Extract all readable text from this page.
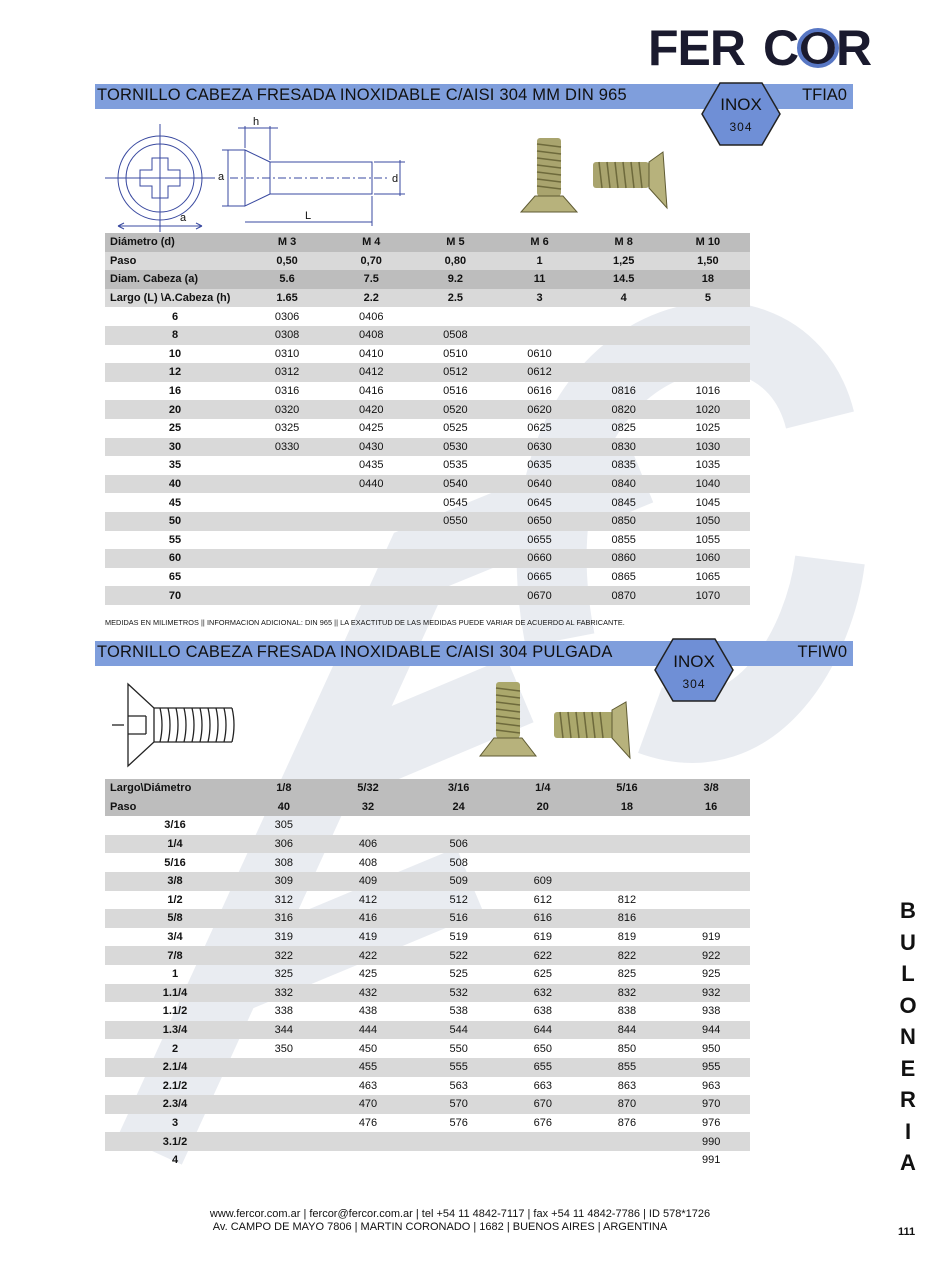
FER COR
TORNILLO CABEZA FRESADA INOXIDABLE C/AISI 304 MM DIN 965	TFIA0
INOX
304
h
a	d
a	L
Diámetro (d)	M 3	M 4	M 5	M 6	M 8	M 10
Paso	0,50	0,70	0,80	1	1,25	1,50
Diam. Cabeza (a)	5.6	7.5	9.2	11	14.5	18
Largo (L) \A.Cabeza (h)	1.65	2.2	2.5	3	4	5
6	0306	0406				
8	0308	0408	0508			
10	0310	0410	0510	0610		
12	0312	0412	0512	0612		
16	0316	0416	0516	0616	0816	1016
20	0320	0420	0520	0620	0820	1020
25	0325	0425	0525	0625	0825	1025
30	0330	0430	0530	0630	0830	1030
35		0435	0535	0635	0835	1035
40		0440	0540	0640	0840	1040
45			0545	0645	0845	1045
50			0550	0650	0850	1050
55				0655	0855	1055
60				0660	0860	1060
65				0665	0865	1065
70				0670	0870	1070
MEDIDAS EN MILIMETROS || INFORMACION ADICIONAL: DIN 965 || LA EXACTITUD DE LAS MEDIDAS PUEDE VARIAR DE ACUERDO AL FABRICANTE.
TORNILLO CABEZA FRESADA INOXIDABLE C/AISI 304 PULGADA	TFIW0
INOX
304
Largo\Diámetro	1/8	5/32	3/16	1/4	5/16	3/8
Paso	40	32	24	20	18	16
3/16	305					
1/4	306	406	506			
5/16	308	408	508			
3/8	309	409	509	609		
1/2	312	412	512	612	812	
5/8	316	416	516	616	816	
3/4	319	419	519	619	819	919
7/8	322	422	522	622	822	922
1	325	425	525	625	825	925
1.1/4	332	432	532	632	832	932
1.1/2	338	438	538	638	838	938
1.3/4	344	444	544	644	844	944
2	350	450	550	650	850	950
2.1/4		455	555	655	855	955
2.1/2		463	563	663	863	963
2.3/4		470	570	670	870	970
3		476	576	676	876	976
3.1/2						990
4						991
B
U
L
O
N
E
R
I
A
www.fercor.com.ar | fercor@fercor.com.ar | tel +54 11 4842-7117 | fax +54 11 4842-7786 | ID 578*1726
Av. CAMPO DE MAYO 7806 | MARTIN CORONADO | 1682 | BUENOS AIRES | ARGENTINA	111
